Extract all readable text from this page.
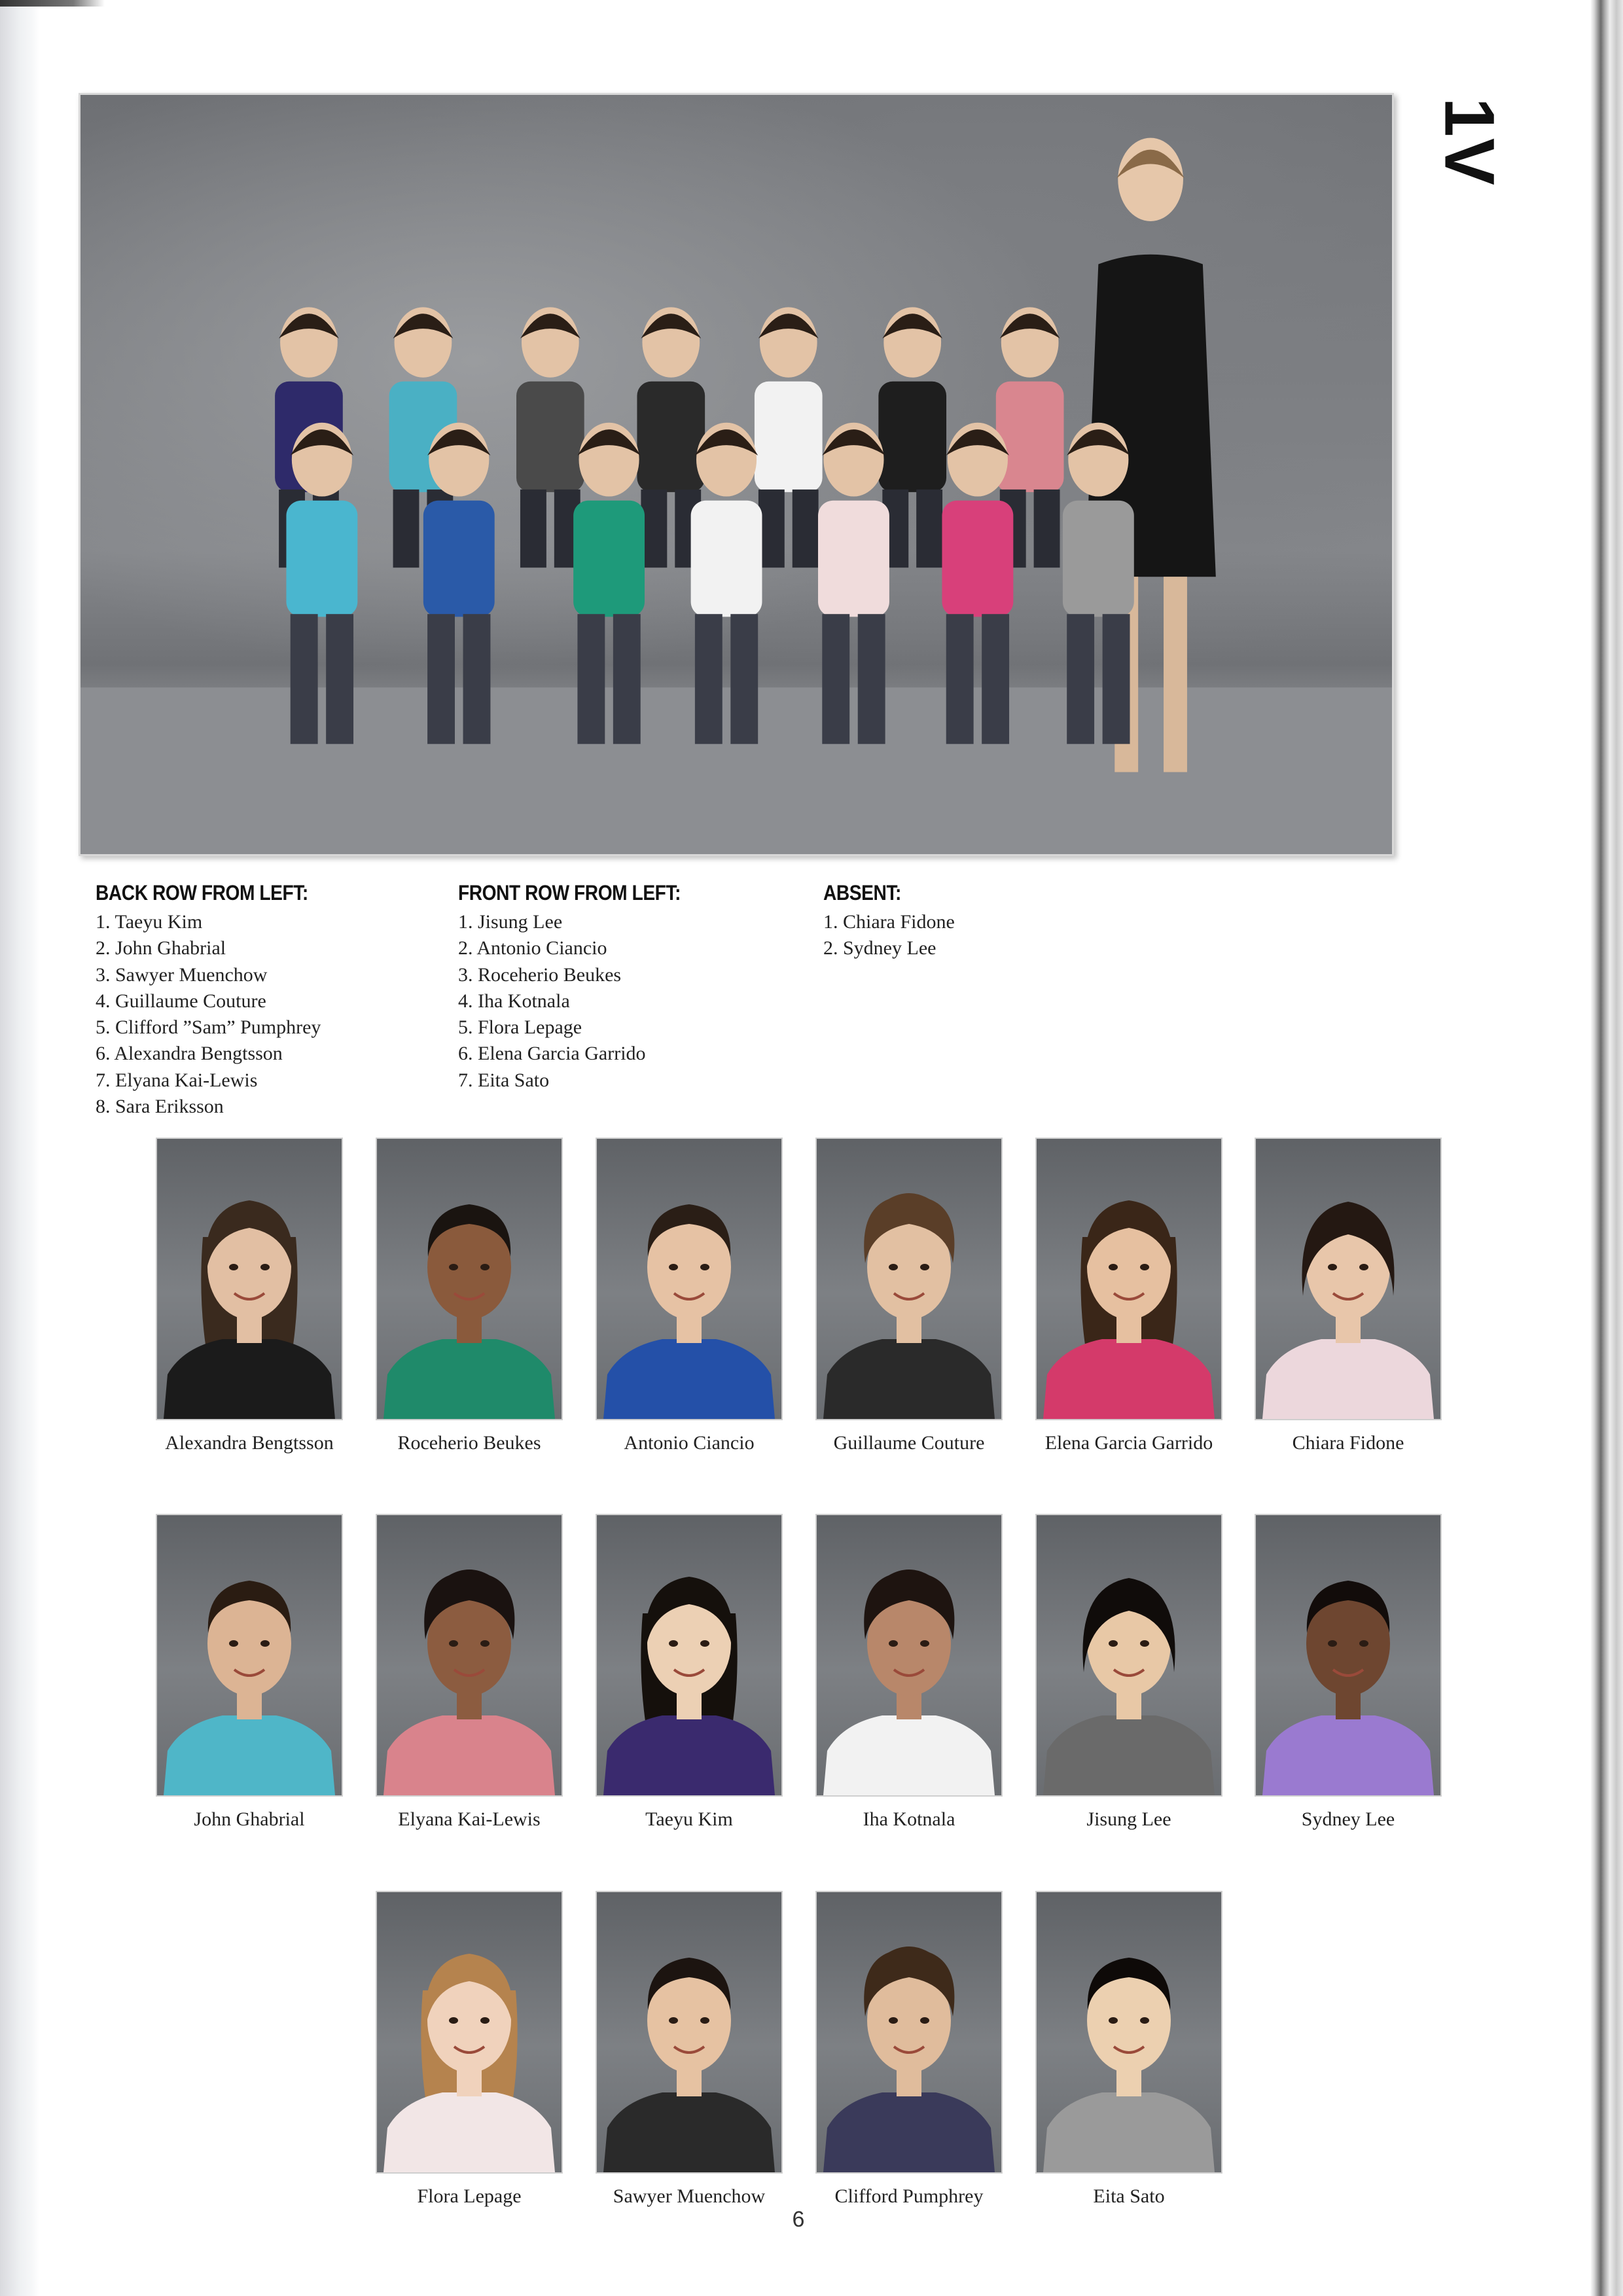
1V
BACK ROW FROM LEFT:
1. Taeyu Kim
2. John Ghabrial
3. Sawyer Muenchow
4. Guillaume Couture
5. Clifford ”Sam” Pumphrey
6. Alexandra Bengtsson
7. Elyana Kai-Lewis
8. Sara Eriksson
FRONT ROW FROM LEFT:
1. Jisung Lee
2. Antonio Ciancio
3. Roceherio Beukes
4. Iha Kotnala
5. Flora Lepage
6. Elena Garcia Garrido
7. Eita Sato
ABSENT:
1. Chiara Fidone
2. Sydney Lee
Alexandra Bengtsson	Roceherio Beukes	Antonio Ciancio	Guillaume Couture	Elena Garcia Garrido	Chiara Fidone
John Ghabrial	Elyana Kai-Lewis	Taeyu Kim	Iha Kotnala	Jisung Lee	Sydney Lee
Flora Lepage	Sawyer Muenchow	Clifford Pumphrey	Eita Sato
6
